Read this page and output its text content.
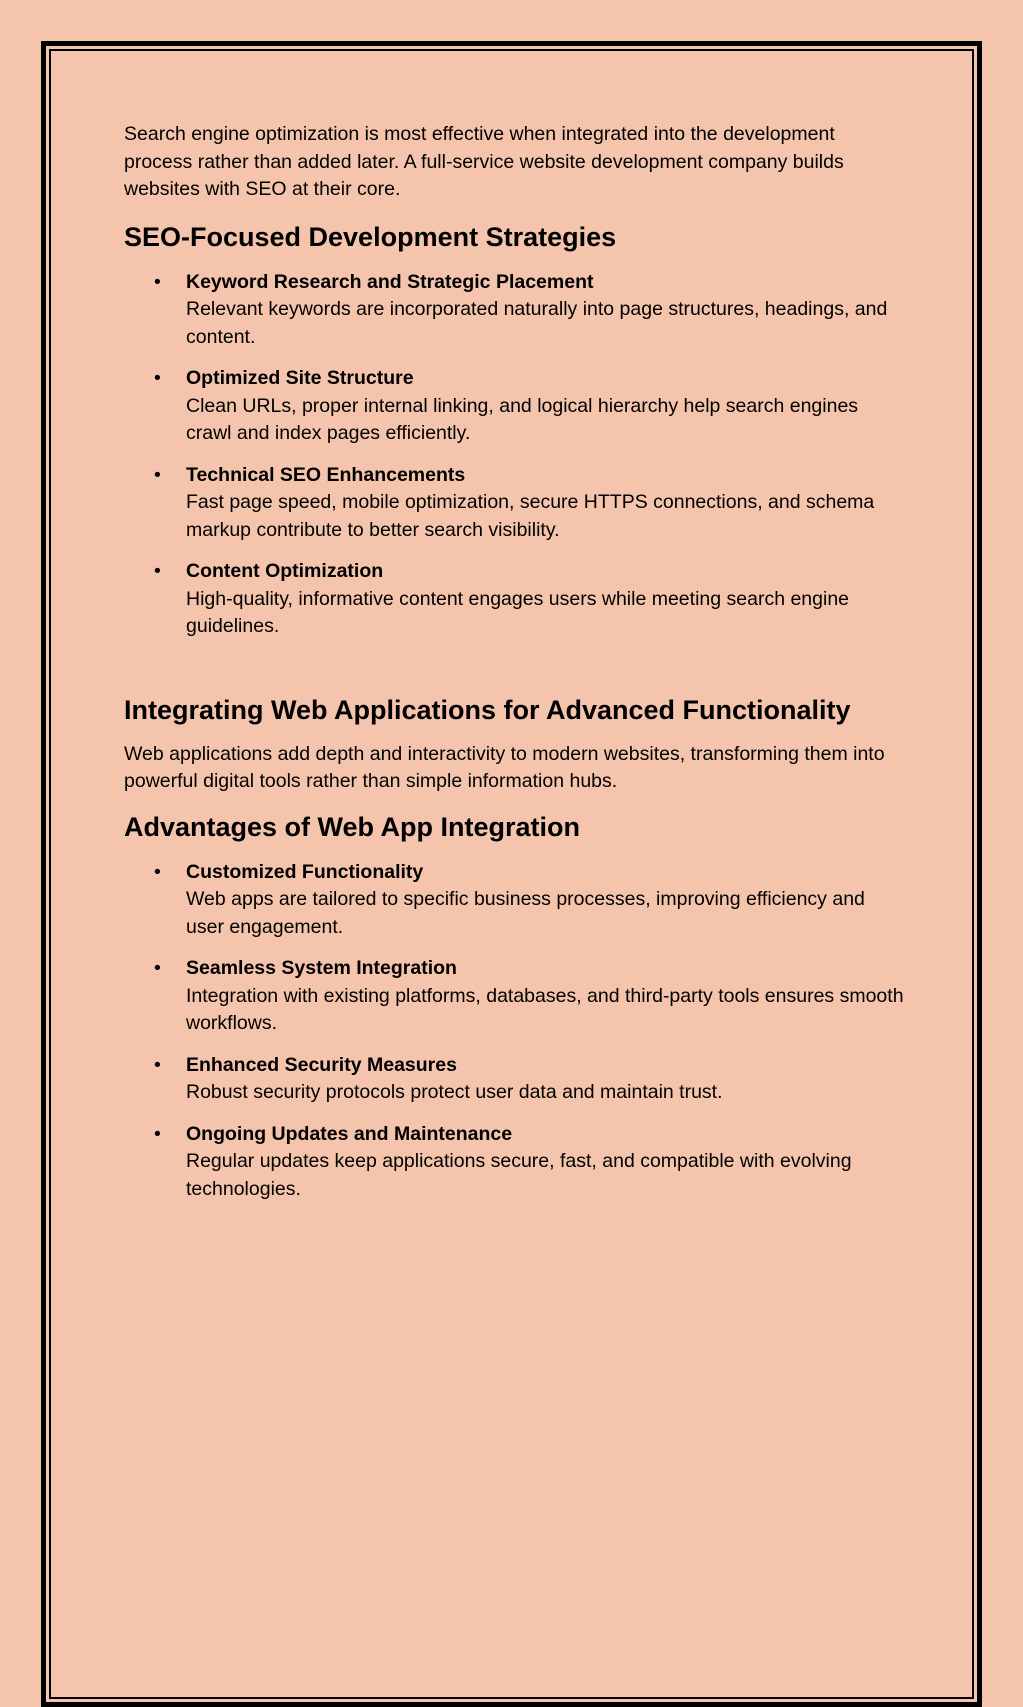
Search engine optimization is most effective when integrated into the development process rather than added later. A full-service website development company builds websites with SEO at their core.

SEO-Focused Development Strategies
• Keyword Research and Strategic Placement
Relevant keywords are incorporated naturally into page structures, headings, and content.
• Optimized Site Structure
Clean URLs, proper internal linking, and logical hierarchy help search engines crawl and index pages efficiently.
• Technical SEO Enhancements
Fast page speed, mobile optimization, secure HTTPS connections, and schema markup contribute to better search visibility.
• Content Optimization
High-quality, informative content engages users while meeting search engine guidelines.
Integrating Web Applications for Advanced Functionality

Web applications add depth and interactivity to modern websites, transforming them into powerful digital tools rather than simple information hubs.

Advantages of Web App Integration
• Customized Functionality
Web apps are tailored to specific business processes, improving efficiency and user engagement.
• Seamless System Integration
Integration with existing platforms, databases, and third-party tools ensures smooth workflows.
• Enhanced Security Measures
Robust security protocols protect user data and maintain trust.
• Ongoing Updates and Maintenance
Regular updates keep applications secure, fast, and compatible with evolving technologies.
